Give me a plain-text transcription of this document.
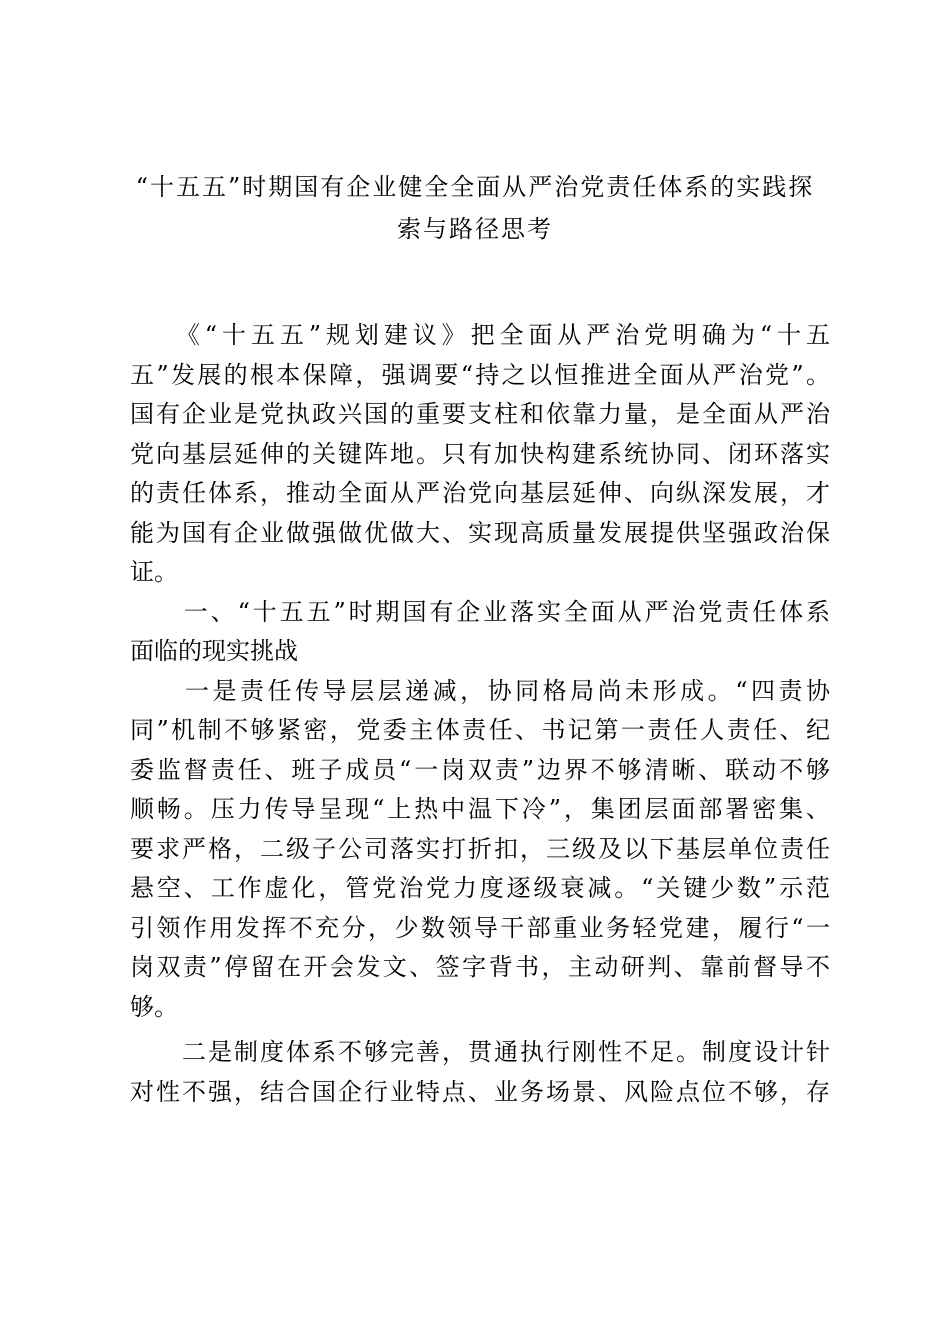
“十五五”时期国有企业健全全面从严治党责任体系的实践探
索与路径思考
　　《“十五五”规划建议》把全面从严治党明确为“十五
五”发展的根本保障，强调要“持之以恒推进全面从严治党”。
国有企业是党执政兴国的重要支柱和依靠力量，是全面从严治
党向基层延伸的关键阵地。只有加快构建系统协同、闭环落实
的责任体系，推动全面从严治党向基层延伸、向纵深发展，才
能为国有企业做强做优做大、实现高质量发展提供坚强政治保
证。
　　一、“十五五”时期国有企业落实全面从严治党责任体系
面临的现实挑战
　　一是责任传导层层递减，协同格局尚未形成。“四责协
同”机制不够紧密，党委主体责任、书记第一责任人责任、纪
委监督责任、班子成员“一岗双责”边界不够清晰、联动不够
顺畅。压力传导呈现“上热中温下冷”，集团层面部署密集、
要求严格，二级子公司落实打折扣，三级及以下基层单位责任
悬空、工作虚化，管党治党力度逐级衰减。“关键少数”示范
引领作用发挥不充分，少数领导干部重业务轻党建，履行“一
岗双责”停留在开会发文、签字背书，主动研判、靠前督导不
够。
　　二是制度体系不够完善，贯通执行刚性不足。制度设计针
对性不强，结合国企行业特点、业务场景、风险点位不够，存
